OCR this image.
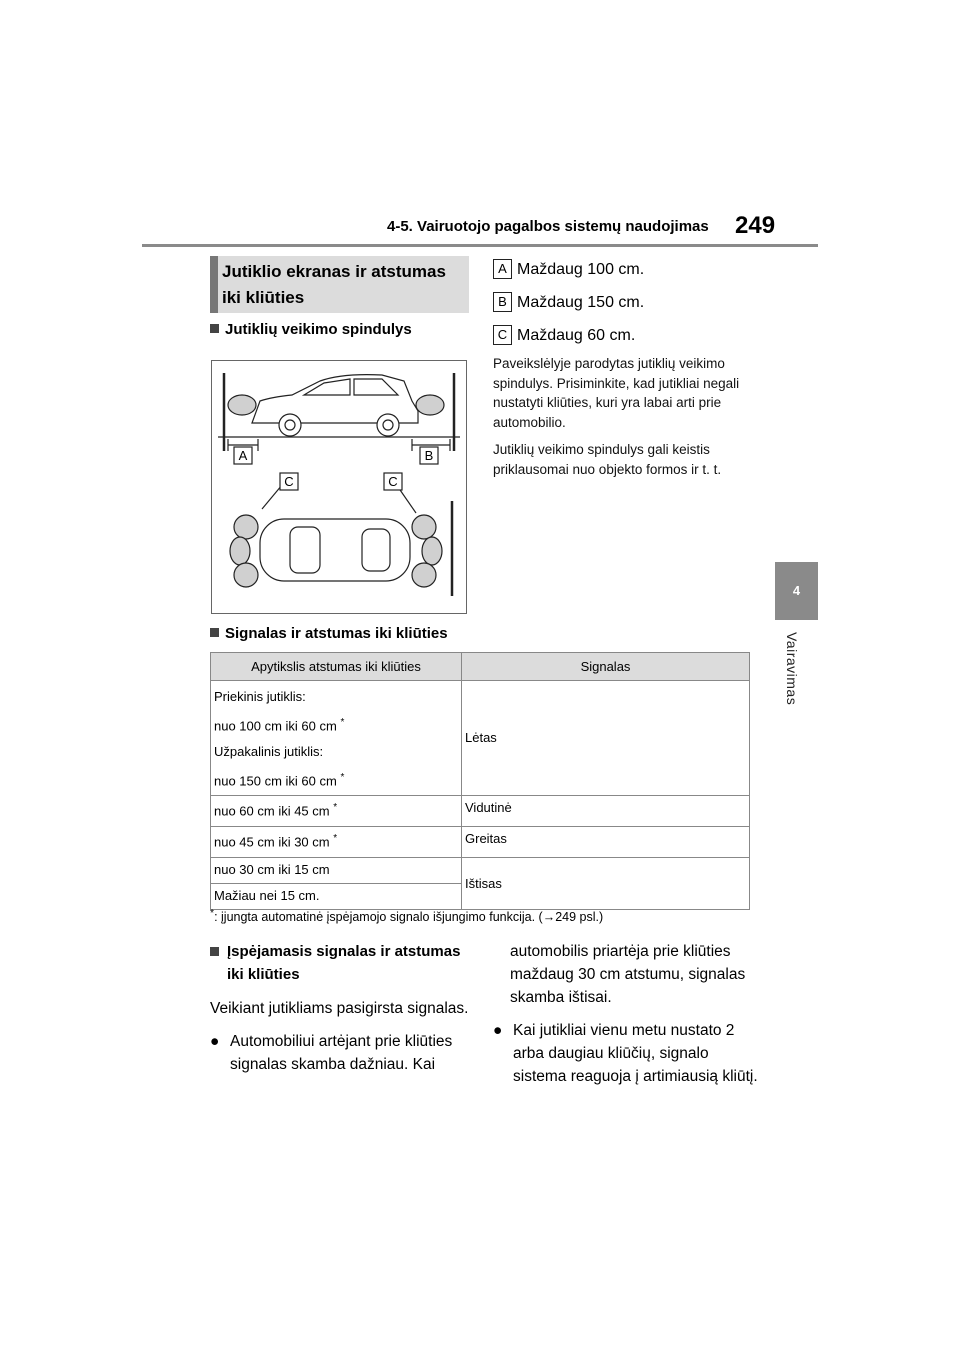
4-5. Vairuotojo pagalbos sistemų naudojimas 249
4
Vairavimas
Jutiklio ekranas ir atstumas iki kliūties
Jutiklių veikimo spindulys
A	B
C	C
A Maždaug 100 cm.
B Maždaug 150 cm.
C Maždaug 60 cm.

Paveikslėlyje parodytas jutiklių veikimo spindulys. Prisiminkite, kad jutikliai negali nustatyti kliūties, kuri yra labai arti prie automobilio.

Jutiklių veikimo spindulys gali keistis priklausomai nuo objekto formos ir t. t.

Signalas ir atstumas iki kliūties
Apytikslis atstumas iki kliūties	Signalas

Priekinis jutiklis:
nuo 100 cm iki 60 cm *
Užpakalinis jutiklis:
nuo 150 cm iki 60 cm *	Lėtas
nuo 60 cm iki 45 cm *	Vidutinė
nuo 45 cm iki 30 cm *	Greitas
nuo 30 cm iki 15 cm	Ištisas
Mažiau nei 15 cm.	
*: įjungta automatinė įspėjamojo signalo išjungimo funkcija. (→249 psl.)
Įspėjamasis signalas ir atstumas iki kliūties

Veikiant jutikliams pasigirsta signalas.

● Automobiliui artėjant prie kliūties signalas skamba dažniau. Kai

automobilis priartėja prie kliūties maždaug 30 cm atstumu, signalas skamba ištisai.

● Kai jutikliai vienu metu nustato 2 arba daugiau kliūčių, signalo sistema reaguoja į artimiausią kliūtį.
